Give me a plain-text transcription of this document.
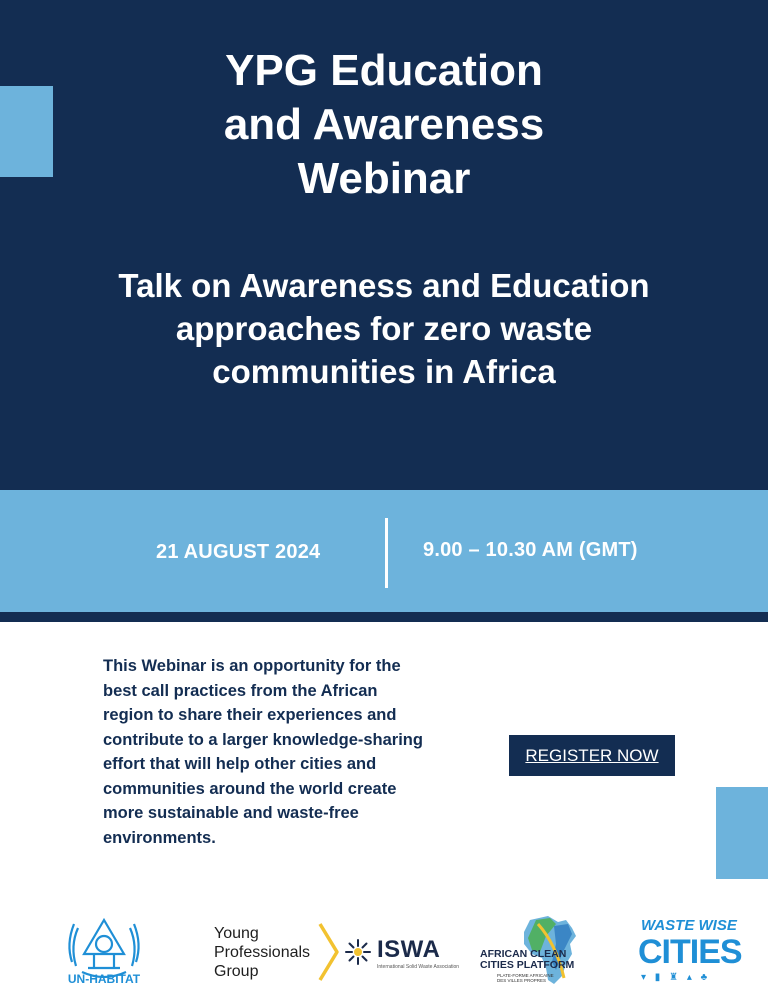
YPG Education
and Awareness
Webinar
Talk on Awareness and Education
approaches for zero waste
communities in Africa
21 AUGUST 2024	9.00 – 10.30 AM (GMT)
This Webinar is an opportunity for the
best call practices from the African
region to share their experiences and
contribute to a larger knowledge-sharing
effort that will help other cities and
communities around the world create
more sustainable and waste-free
environments.
REGISTER NOW
UN-HABITAT
Young
Professionals
Group
ISWA
International Solid Waste Association
AFRICAN CLEAN
CITIES PLATFORM
PLATE-FORME AFRICAINE
DES VILLES PROPRES
WASTE WISE
CITIES
▾ ▮ ♜ ▴ ♣
